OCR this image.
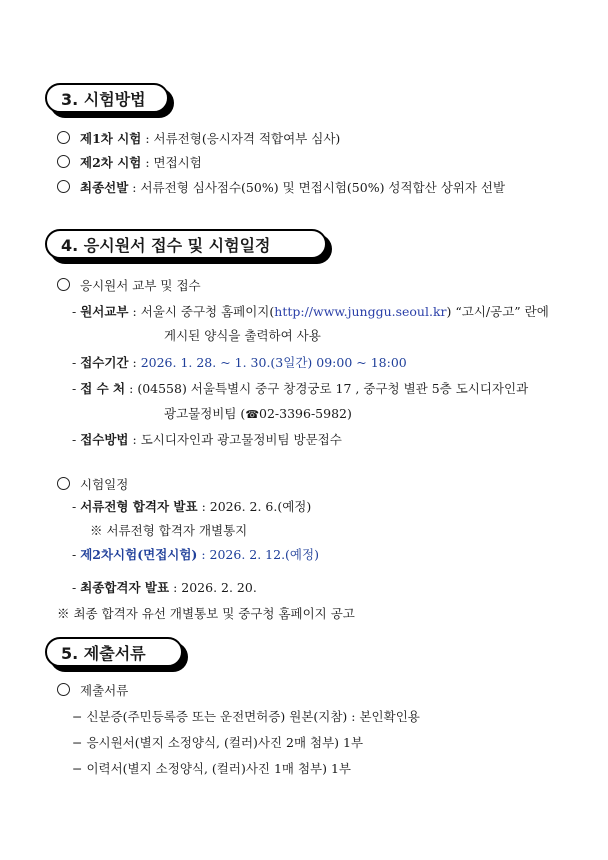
3. 시험방법
제1차 시험 : 서류전형(응시자격 적합여부 심사)
제2차 시험 : 면접시험
최종선발 : 서류전형 심사점수(50%) 및 면접시험(50%) 성적합산 상위자 선발
4. 응시원서 접수 및 시험일정
응시원서 교부 및 접수
- 원서교부 : 서울시 중구청 홈페이지(http://www.junggu.seoul.kr) “고시/공고” 란에
게시된 양식을 출력하여 사용
- 접수기간 : 2026. 1. 28. ~ 1. 30.(3일간) 09:00 ~ 18:00
- 접 수 처 : (04558) 서울특별시 중구 창경궁로 17 , 중구청 별관 5층 도시디자인과
광고물정비팀 (☎02-3396-5982)
- 접수방법 : 도시디자인과 광고물정비팀 방문접수
시험일정
- 서류전형 합격자 발표 : 2026. 2. 6.(예정)
※ 서류전형 합격자 개별통지
- 제2차시험(면접시험) : 2026. 2. 12.(예정)
- 최종합격자 발표 : 2026. 2. 20.
※ 최종 합격자 유선 개별통보 및 중구청 홈페이지 공고
5. 제출서류
제출서류
− 신분증(주민등록증 또는 운전면허증) 원본(지참) : 본인확인용
− 응시원서(별지 소정양식, (컬러)사진 2매 첨부) 1부
− 이력서(별지 소정양식, (컬러)사진 1매 첨부) 1부
